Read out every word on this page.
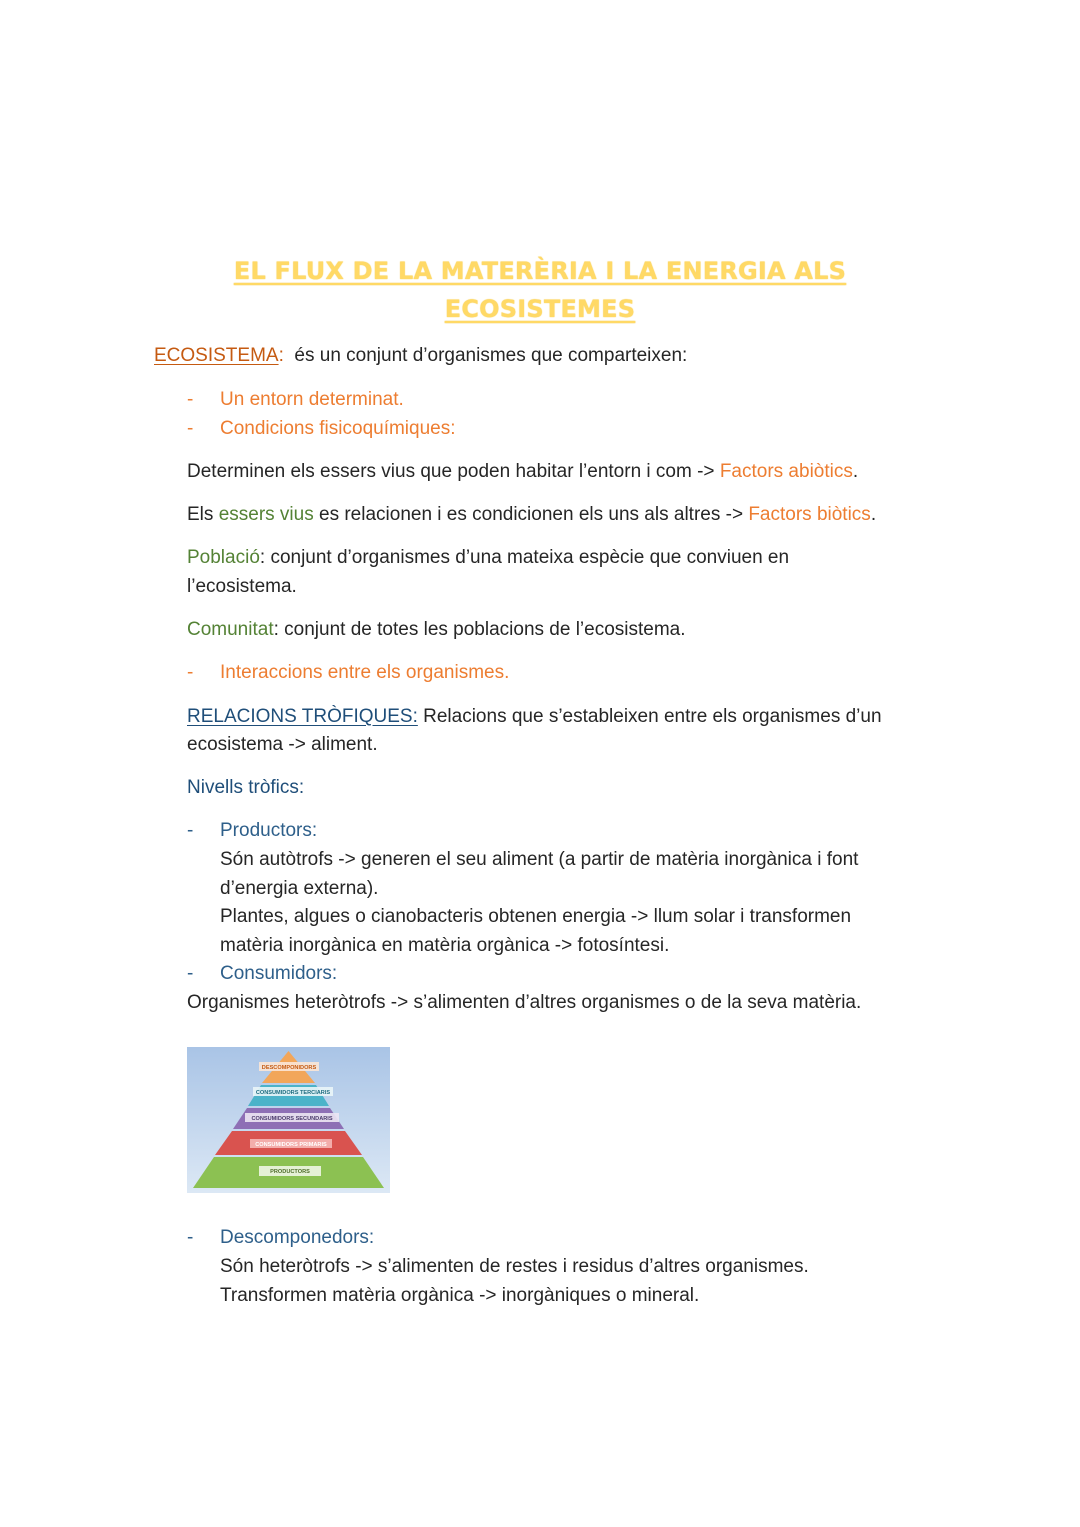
EL FLUX DE LA MATERÈRIA I LA ENERGIA ALS
ECOSISTEMES
ECOSISTEMA:  és un conjunt d’organismes que comparteixen:
- Un entorn determinat.
- Condicions fisicoquímiques:
Determinen els essers vius que poden habitar l’entorn i com -> Factors abiòtics.
Els essers vius es relacionen i es condicionen els uns als altres -> Factors biòtics.
Població: conjunt d’organismes d’una mateixa espècie que conviuen en
l’ecosistema.
Comunitat: conjunt de totes les poblacions de l’ecosistema.
- Interaccions entre els organismes.
RELACIONS TRÒFIQUES: Relacions que s’estableixen entre els organismes d’un
ecosistema -> aliment.
Nivells tròfics:
- Productors:
Són autòtrofs -> generen el seu aliment (a partir de matèria inorgànica i font
d’energia externa).
Plantes, algues o cianobacteris obtenen energia -> llum solar i transformen
matèria inorgànica en matèria orgànica -> fotosíntesi.
- Consumidors:
Organismes heteròtrofs -> s’alimenten d’altres organismes o de la seva matèria.
DESCOMPONIDORS
CONSUMIDORS TERCIARIS
CONSUMIDORS SECUNDARIS
CONSUMIDORS PRIMARIS
PRODUCTORS
- Descomponedors:
Són heteròtrofs -> s’alimenten de restes i residus d’altres organismes.
Transformen matèria orgànica -> inorgàniques o mineral.
